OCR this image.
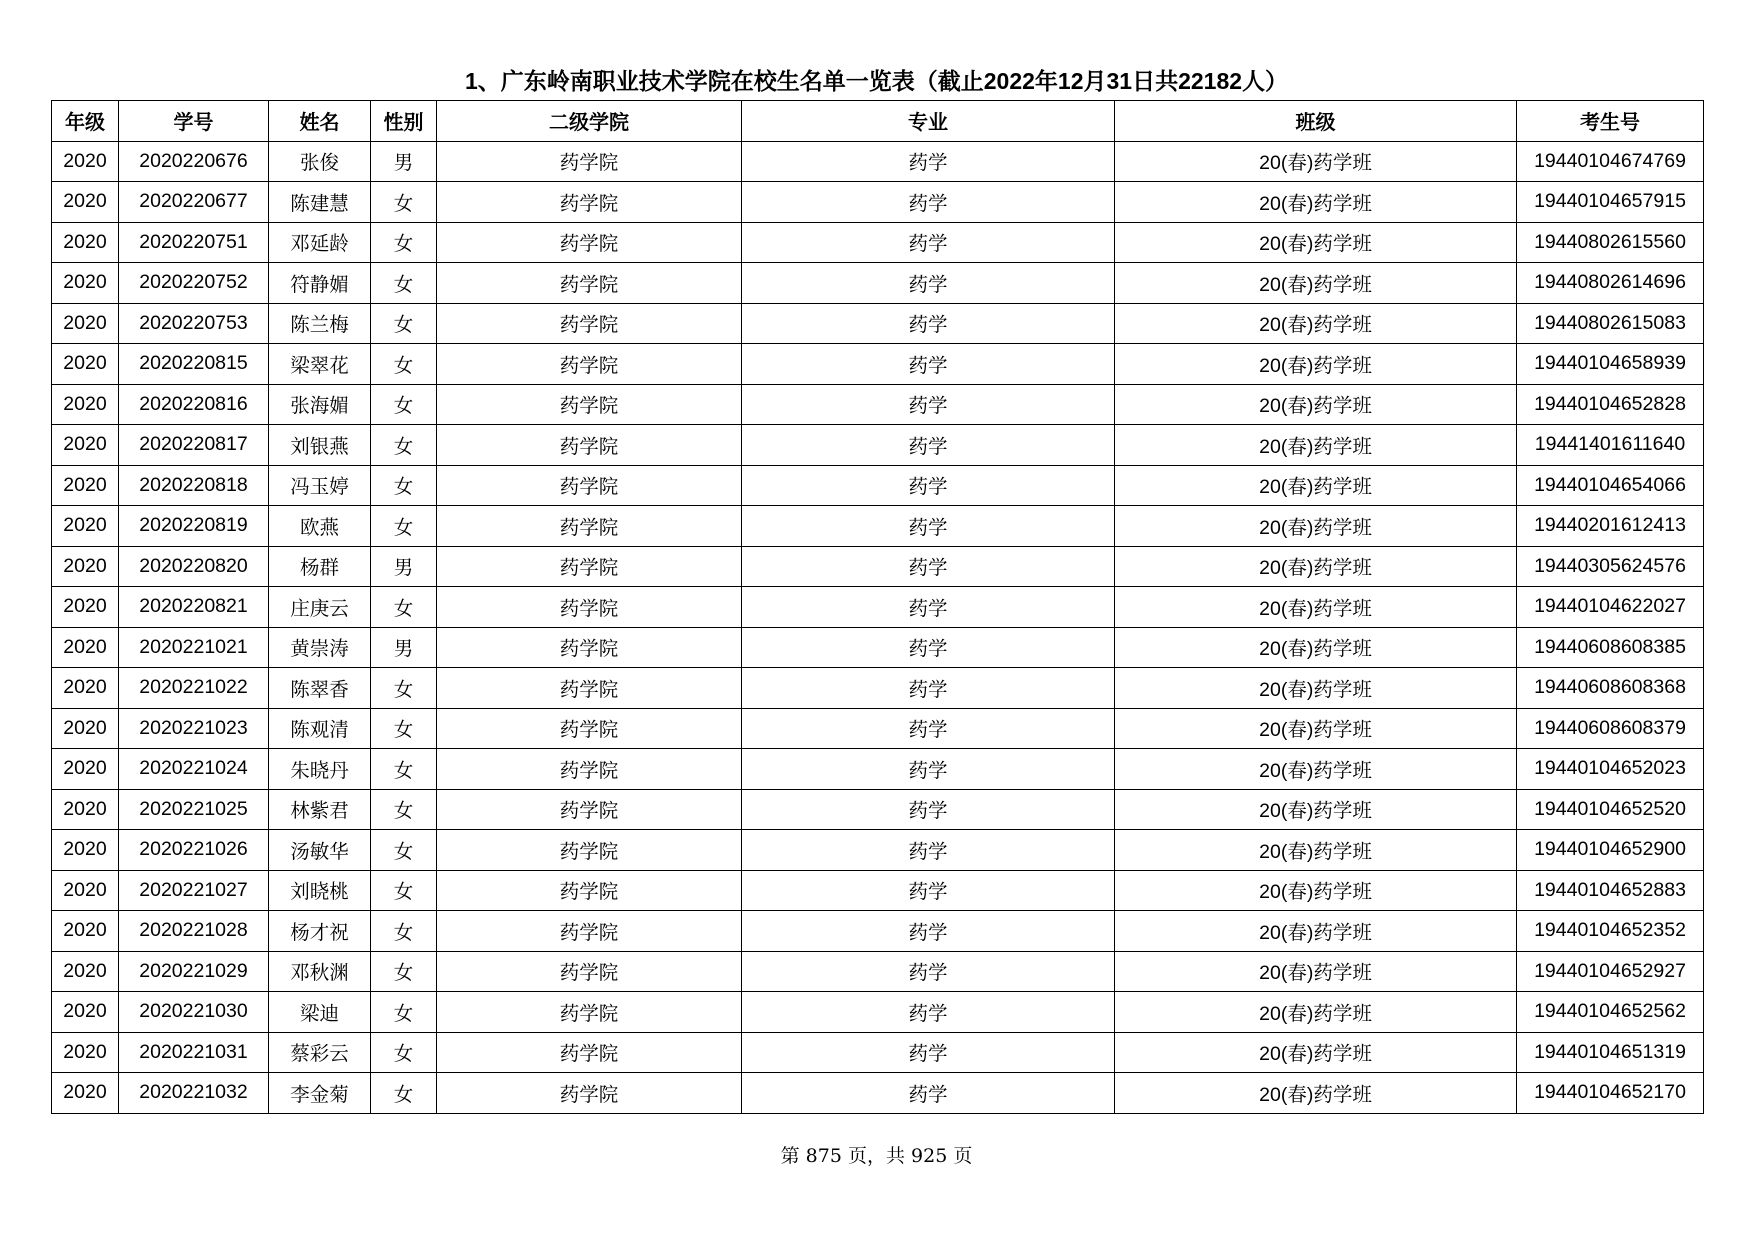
1、广东岭南职业技术学院在校生名单一览表（截止2022年12月31日共22182人）
年级	学号	姓名	性别	二级学院	专业	班级	考生号
2020	2020220676	张俊	男	药学院	药学	20(春)药学班	19440104674769
2020	2020220677	陈建慧	女	药学院	药学	20(春)药学班	19440104657915
2020	2020220751	邓延龄	女	药学院	药学	20(春)药学班	19440802615560
2020	2020220752	符静媚	女	药学院	药学	20(春)药学班	19440802614696
2020	2020220753	陈兰梅	女	药学院	药学	20(春)药学班	19440802615083
2020	2020220815	梁翠花	女	药学院	药学	20(春)药学班	19440104658939
2020	2020220816	张海媚	女	药学院	药学	20(春)药学班	19440104652828
2020	2020220817	刘银燕	女	药学院	药学	20(春)药学班	19441401611640
2020	2020220818	冯玉婷	女	药学院	药学	20(春)药学班	19440104654066
2020	2020220819	欧燕	女	药学院	药学	20(春)药学班	19440201612413
2020	2020220820	杨群	男	药学院	药学	20(春)药学班	19440305624576
2020	2020220821	庄庚云	女	药学院	药学	20(春)药学班	19440104622027
2020	2020221021	黄崇涛	男	药学院	药学	20(春)药学班	19440608608385
2020	2020221022	陈翠香	女	药学院	药学	20(春)药学班	19440608608368
2020	2020221023	陈观清	女	药学院	药学	20(春)药学班	19440608608379
2020	2020221024	朱晓丹	女	药学院	药学	20(春)药学班	19440104652023
2020	2020221025	林紫君	女	药学院	药学	20(春)药学班	19440104652520
2020	2020221026	汤敏华	女	药学院	药学	20(春)药学班	19440104652900
2020	2020221027	刘晓桃	女	药学院	药学	20(春)药学班	19440104652883
2020	2020221028	杨才祝	女	药学院	药学	20(春)药学班	19440104652352
2020	2020221029	邓秋渊	女	药学院	药学	20(春)药学班	19440104652927
2020	2020221030	梁迪	女	药学院	药学	20(春)药学班	19440104652562
2020	2020221031	蔡彩云	女	药学院	药学	20(春)药学班	19440104651319
2020	2020221032	李金菊	女	药学院	药学	20(春)药学班	19440104652170
第 875 页，共 925 页
